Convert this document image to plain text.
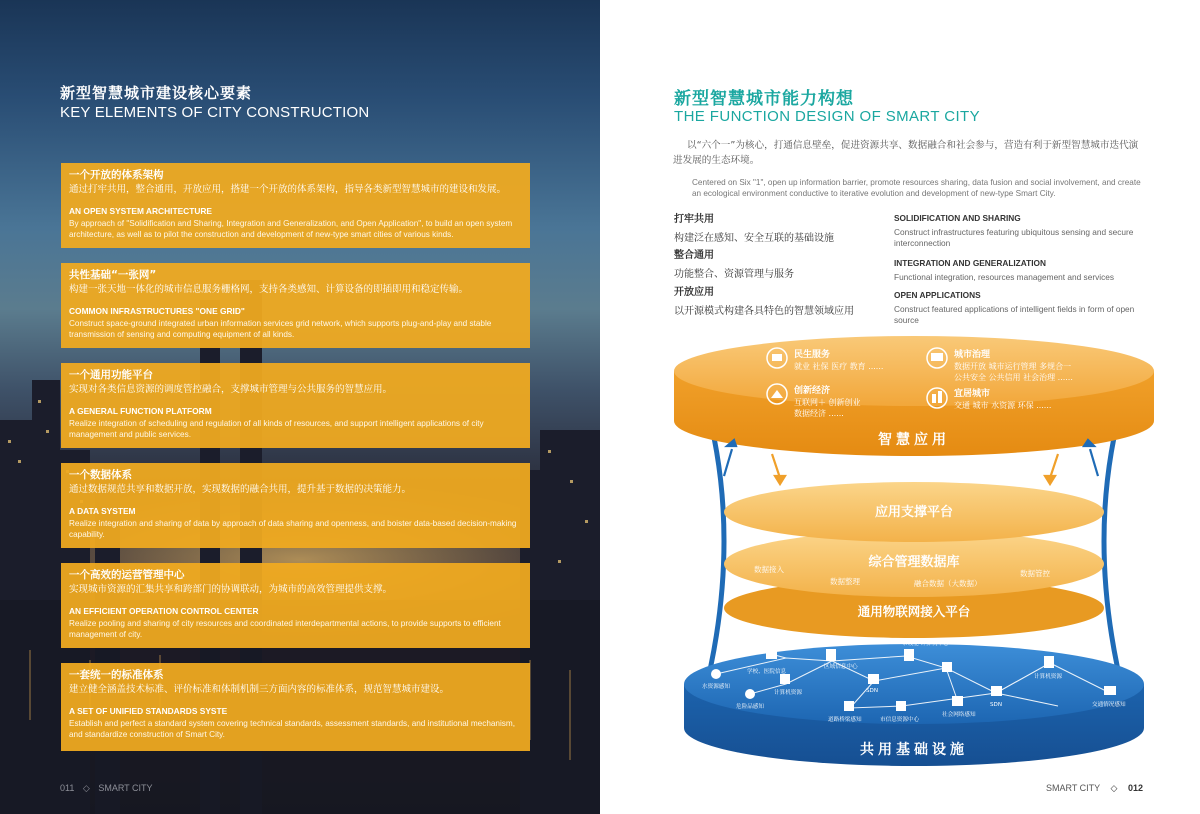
新型智慧城市建设核心要素
KEY ELEMENTS OF CITY CONSTRUCTION
一个开放的体系架构
通过打牢共用，整合通用，开放应用，搭建一个开放的体系架构，指导各类新型智慧城市的建设和发展。
AN OPEN SYSTEM ARCHITECTURE
By approach of "Solidification and Sharing, Integration and Generalization, and Open Application", to build an open system architecture, as well as to pilot the construction and development of new-type smart cities of various kinds.
共性基础“一张网”
构建一张天地一体化的城市信息服务栅格网，支持各类感知、计算设备的即插即用和稳定传输。
COMMON INFRASTRUCTURES "ONE GRID"
Construct space-ground integrated urban information services grid network, which supports plug-and-play and stable transmission of sensing and computing equipment of all kinds.
一个通用功能平台
实现对各类信息资源的调度管控融合，支撑城市管理与公共服务的智慧应用。
A GENERAL FUNCTION PLATFORM
Realize integration of scheduling and regulation of all kinds of resources, and support intelligent applications of city management and public services.
一个数据体系
通过数据规范共享和数据开放，实现数据的融合共用，提升基于数据的决策能力。
A DATA SYSTEM
Realize integration and sharing of data by approach of data sharing and openness, and boister data-based decision-making capability.
一个高效的运营管理中心
实现城市资源的汇集共享和跨部门的协调联动，为城市的高效管理提供支撑。
AN EFFICIENT OPERATION CONTROL CENTER
Realize pooling and sharing of city resources and coordinated interdepartmental actions, to provide supports to efficient management of city.
一套统一的标准体系
建立健全涵盖技术标准、评价标准和体制机制三方面内容的标准体系，规范智慧城市建设。
A SET OF UNIFIED STANDARDS SYSTE
Establish and perfect a standard system covering technical standards, assessment standards, and institutional mechanism, and standardize construction of Smart City.
011 ◇ SMART CITY
新型智慧城市能力构想
THE FUNCTION DESIGN OF SMART CITY
以“六个一”为核心，打通信息壁垒，促进资源共享、数据融合和社会参与，营造有利于新型智慧城市迭代演进发展的生态环境。
Centered on Six "1", open up information barrier, promote resources sharing, data fusion and social involvement, and create an ecological environment conductive to iterative evolution and development of new-type Smart City.
打牢共用
构建泛在感知、安全互联的基础设施
整合通用
功能整合、资源管理与服务
开放应用
以开源模式构建各具特色的智慧领域应用
SOLIDIFICATION AND SHARING
Construct infrastructures featuring ubiquitous sensing and secure interconnection
INTEGRATION AND GENERALIZATION
Functional integration, resources management and services
OPEN APPLICATIONS
Construct featured applications of intelligent fields in form of open source
智慧应用
民生服务
就业 社保 医疗 教育 ......
城市治理
数据开放 城市运行管理 多规合一
公共安全 公共信用 社会治理 ......
创新经济
互联网＋ 创新创业
数据经济 ......
宜居城市
交通 城市 水资源 环保 ......
通用物联网接入平台
综合管理数据库
数据接入
数据整理	融合数据（大数据）
数据管控
应用支撑平台
共用基础设施
区域信息中心
市级能 计算机中心
学校、医院信息
计算机资源	SDN
水资源感知
危险品感知
道路桥梁感知	市信息资源中心
社会网络感知
SDN
计算机资源
交通情况感知
SMART CITY ◇ 012
